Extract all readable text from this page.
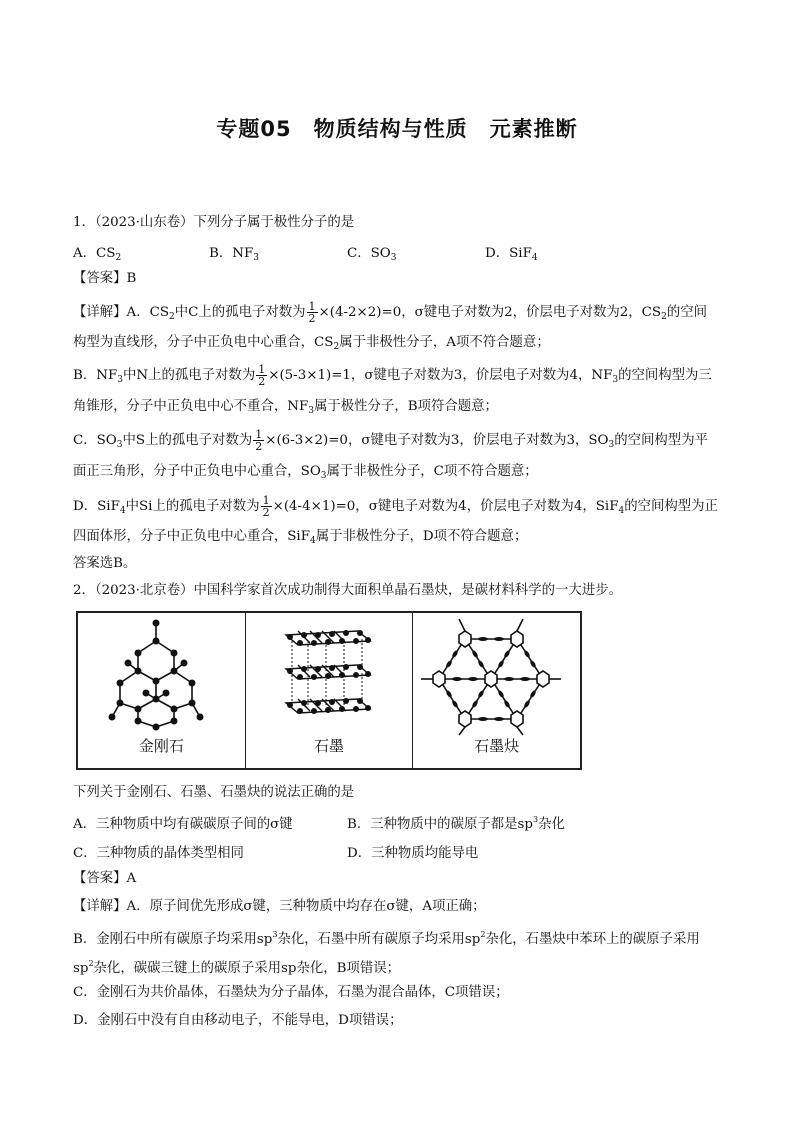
专题05　物质结构与性质　元素推断
1．（2023·山东卷）下列分子属于极性分子的是
A．$CS_2$	B．$NF_3$	C．$SO_3$	D．SiF$_4$
【答案】B
【详解】A．$CS_2$中C上的孤电子对数为 $\frac{1}{2} \times(4-2\times 2)=0$，σ键电子对数为2，价层电子对数为2，$CS_2$的空间
构型为直线形，分子中正负电中心重合，$CS_2$属于非极性分子，A项不符合题意；
B．$NF_3$中N上的孤电子对数为 $\frac{1}{2} \times(5-3\times 1)=1$，σ键电子对数为3，价层电子对数为4，$NF_3$的空间构型为三
角锥形，分子中正负电中心不重合，$NF_3$属于极性分子，B项符合题意；
C．$SO_3$中S上的孤电子对数为 $\frac{1}{2} \times(6-3\times 2)=0$，σ键电子对数为3，价层电子对数为3，$SO_3$的空间构型为平
面正三角形，分子中正负电中心重合，$SO_3$属于非极性分子，C项不符合题意；
D．SiF$_4$中Si上的孤电子对数为 $\frac{1}{2} \times(4-4\times 1)=0$，σ键电子对数为4，价层电子对数为4，SiF$_4$的空间构型为正
四面体形，分子中正负电中心重合，SiF$_4$属于非极性分子，D项不符合题意；
答案选B。
2．（2023·北京卷）中国科学家首次成功制得大面积单晶石墨炔，是碳材料科学的一大进步。
金刚石	石墨	石墨炔
下列关于金刚石、石墨、石墨炔的说法正确的是
A．三种物质中均有碳碳原子间的σ键	B．三种物质中的碳原子都是$sp^3$杂化
C．三种物质的晶体类型相同	D．三种物质均能导电
【答案】A
【详解】A．原子间优先形成σ键，三种物质中均存在σ键，A项正确；
B．金刚石中所有碳原子均采用$sp^3$杂化，石墨中所有碳原子均采用$sp^2$杂化，石墨炔中苯环上的碳原子采用
$sp^2$杂化，碳碳三键上的碳原子采用sp杂化，B项错误；
C．金刚石为共价晶体，石墨炔为分子晶体，石墨为混合晶体，C项错误；
D．金刚石中没有自由移动电子，不能导电，D项错误；
